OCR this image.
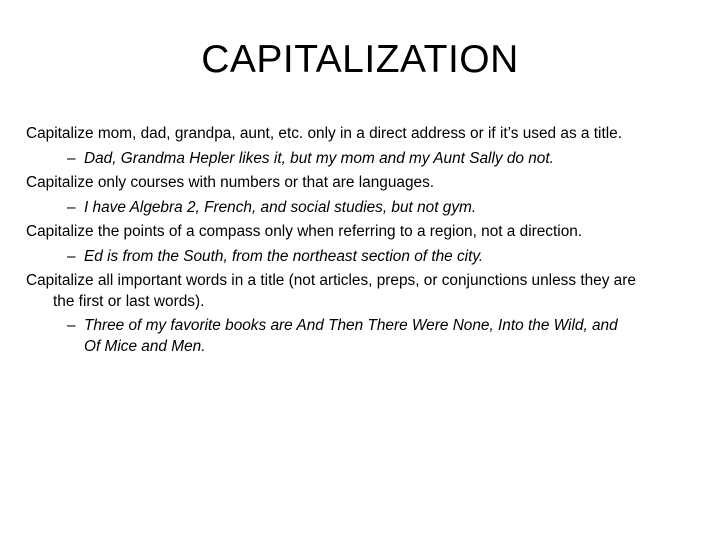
CAPITALIZATION
Capitalize mom, dad, grandpa, aunt, etc. only in a direct address or if it’s used as a title.
– Dad, Grandma Hepler likes it, but my mom and my Aunt Sally do not.
Capitalize only courses with numbers or that are languages.
– I have Algebra 2, French, and social studies, but not gym.
Capitalize the points of a compass only when referring to a region, not a direction.
– Ed is from the South, from the northeast section of the city.
Capitalize all important words in a title (not articles, preps, or conjunctions unless they are the first or last words).
– Three of my favorite books are And Then There Were None, Into the Wild, and Of Mice and Men.
